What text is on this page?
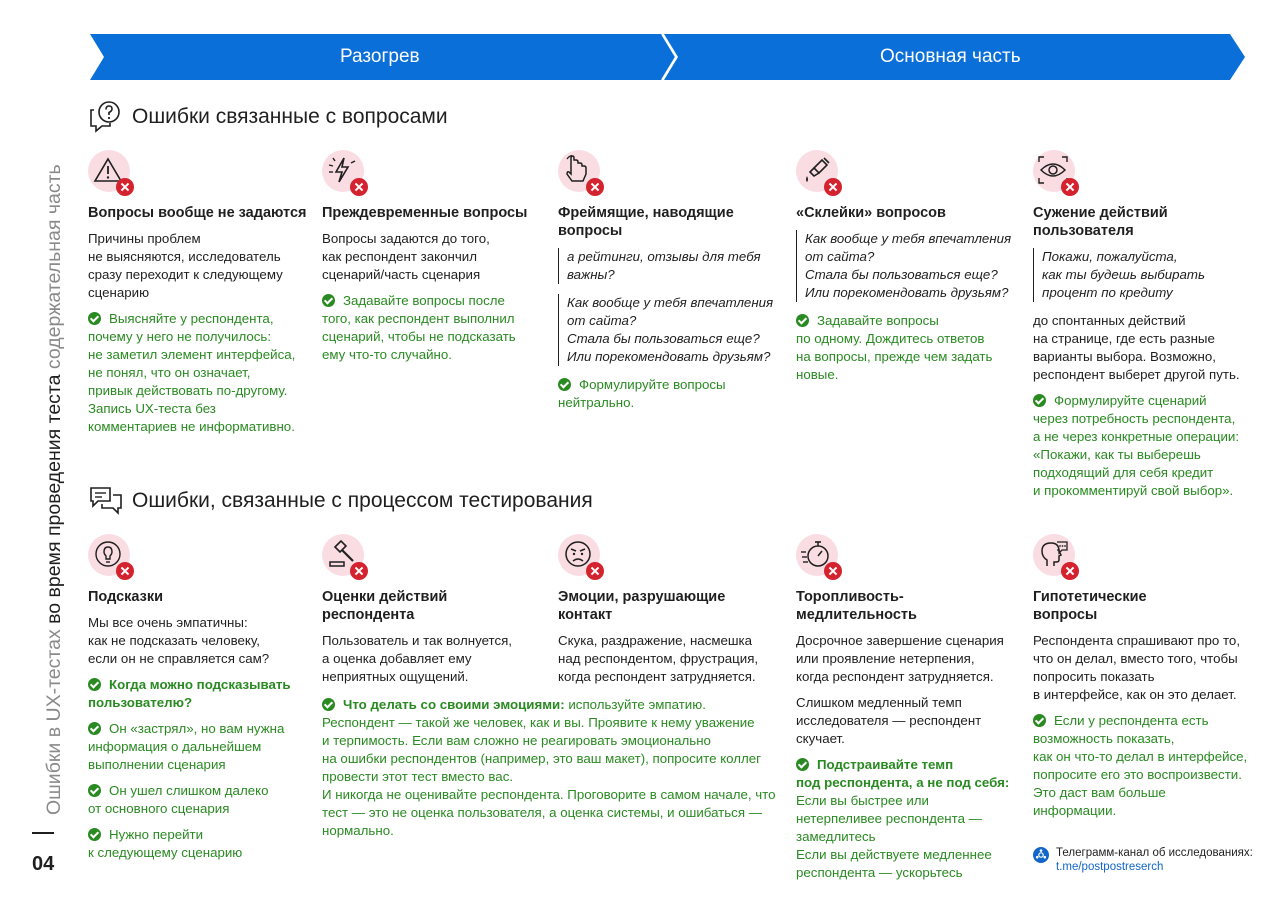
Ошибки в UX-тестах во время проведения теста содержательная часть
04
Разогрев	Основная часть
Ошибки связанные с вопросами
Вопросы вообще не задаются
Причины проблем
не выясняются, исследователь
сразу переходит к следующему
сценарию
Выясняйте у респондента,
почему у него не получилось:
не заметил элемент интерфейса,
не понял, что он означает,
привык действовать по-другому.
Запись UX-теста без
комментариев не информативно.
Преждевременные вопросы
Вопросы задаются до того,
как респондент закончил
сценарий/часть сценария
Задавайте вопросы после
того, как респондент выполнил
сценарий, чтобы не подсказать
ему что-то случайно.
Фреймящие, наводящие
вопросы
а рейтинги, отзывы для тебя
важны?
Как вообще у тебя впечатления
от сайта?
Стала бы пользоваться еще?
Или порекомендовать друзьям?
Формулируйте вопросы
нейтрально.
«Склейки» вопросов
Как вообще у тебя впечатления
от сайта?
Стала бы пользоваться еще?
Или порекомендовать друзьям?
Задавайте вопросы
по одному. Дождитесь ответов
на вопросы, прежде чем задать
новые.
Сужение действий
пользователя
Покажи, пожалуйста,
как ты будешь выбирать
процент по кредиту
до спонтанных действий
на странице, где есть разные
варианты выбора. Возможно,
респондент выберет другой путь.
Формулируйте сценарий
через потребность респондента,
а не через конкретные операции:
«Покажи, как ты выберешь
подходящий для себя кредит
и прокомментируй свой выбор».
Ошибки, связанные с процессом тестирования
Подсказки
Мы все очень эмпатичны:
как не подсказать человеку,
если он не справляется сам?
Когда можно подсказывать
пользователю?
Он «застрял», но вам нужна
информация о дальнейшем
выполнении сценария
Он ушел слишком далеко
от основного сценария
Нужно перейти
к следующему сценарию
Оценки действий
респондента
Пользователь и так волнуется,
а оценка добавляет ему
неприятных ощущений.
Эмоции, разрушающие
контакт
Скука, раздражение, насмешка
над респондентом, фрустрация,
когда респондент затрудняется.
Что делать со своими эмоциями: используйте эмпатию.
Респондент — такой же человек, как и вы. Проявите к нему уважение
и терпимость. Если вам сложно не реагировать эмоционально
на ошибки респондентов (например, это ваш макет), попросите коллег
провести этот тест вместо вас.
И никогда не оценивайте респондента. Проговорите в самом начале, что
тест — это не оценка пользователя, а оценка системы, и ошибаться —
нормально.
Торопливость-
медлительность
Досрочное завершение сценария
или проявление нетерпения,
когда респондент затрудняется.
Слишком медленный темп
исследователя — респондент
скучает.
Подстраивайте темп
под респондента, а не под себя:
Если вы быстрее или
нетерпеливее респондента —
замедлитесь
Если вы действуете медленнее
респондента — ускорьтесь
Гипотетические
вопросы
Респондента спрашивают про то,
что он делал, вместо того, чтобы
попросить показать
в интерфейсе, как он это делает.
Если у респондента есть
возможность показать,
как он что-то делал в интерфейсе,
попросите его это воспроизвести.
Это даст вам больше
информации.
Телеграмм-канал об исследованиях:
t.me/postpostreserch
